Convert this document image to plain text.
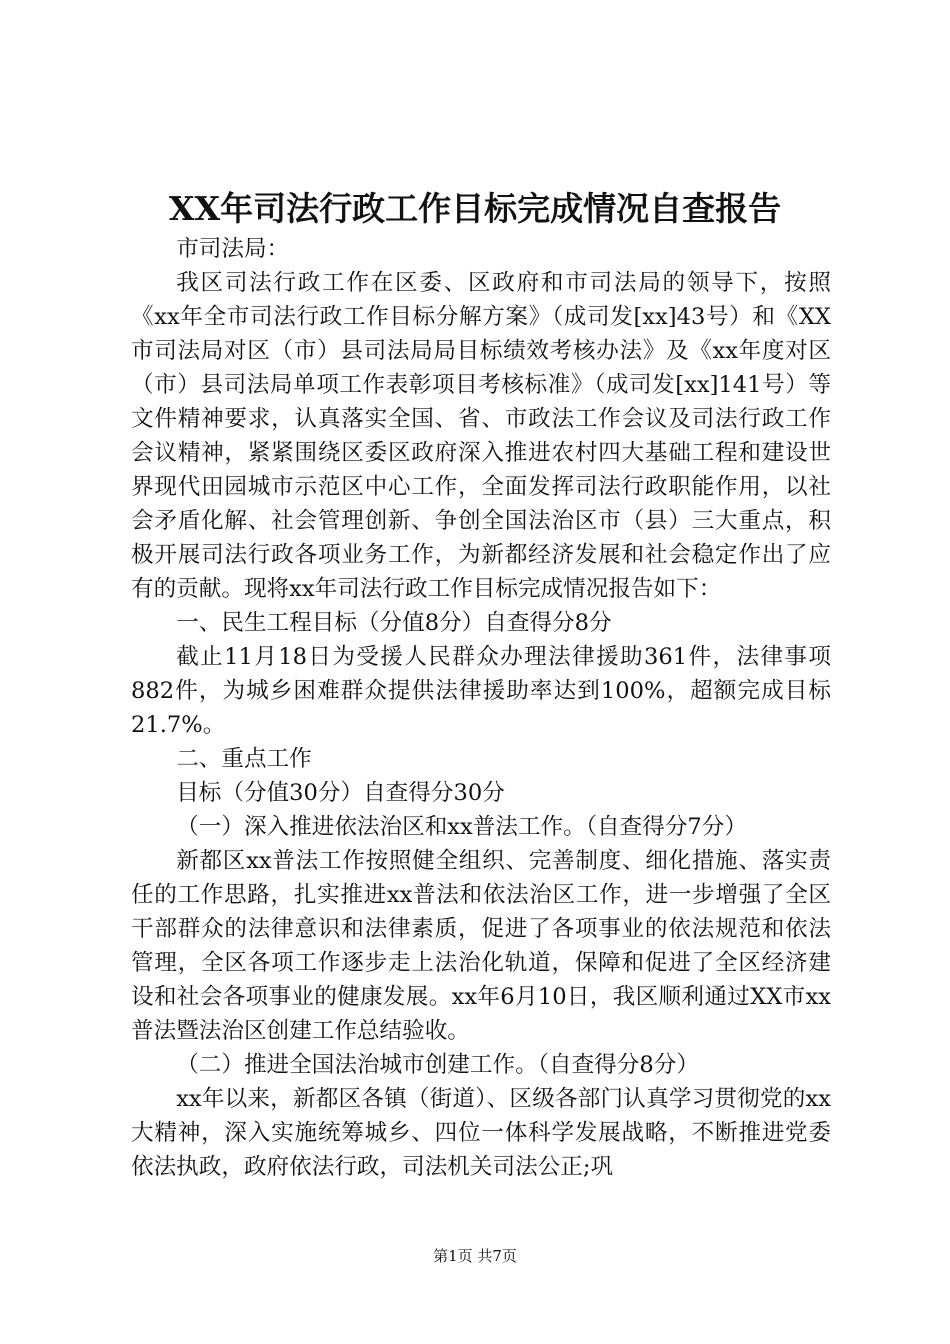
XX年司法行政工作目标完成情况自查报告

市司法局：

我区司法行政工作在区委、区政府和市司法局的领导下，按照《xx年全市司法行政工作目标分解方案》（成司发[xx]43号）和《XX市司法局对区（市）县司法局局目标绩效考核办法》及《xx年度对区（市）县司法局单项工作表彰项目考核标准》（成司发[xx]141号）等文件精神要求，认真落实全国、省、市政法工作会议及司法行政工作会议精神，紧紧围绕区委区政府深入推进农村四大基础工程和建设世界现代田园城市示范区中心工作，全面发挥司法行政职能作用，以社会矛盾化解、社会管理创新、争创全国法治区市（县）三大重点，积极开展司法行政各项业务工作，为新都经济发展和社会稳定作出了应有的贡献。现将xx年司法行政工作目标完成情况报告如下：

一、民生工程目标（分值8分）自查得分8分

截止11月18日为受援人民群众办理法律援助361件，法律事项882件，为城乡困难群众提供法律援助率达到100%，超额完成目标21.7%。

二、重点工作

目标（分值30分）自查得分30分

（一）深入推进依法治区和xx普法工作。（自查得分7分）

新都区xx普法工作按照健全组织、完善制度、细化措施、落实责任的工作思路，扎实推进xx普法和依法治区工作，进一步增强了全区干部群众的法律意识和法律素质，促进了各项事业的依法规范和依法管理，全区各项工作逐步走上法治化轨道，保障和促进了全区经济建设和社会各项事业的健康发展。xx年6月10日，我区顺利通过XX市xx普法暨法治区创建工作总结验收。

（二）推进全国法治城市创建工作。（自查得分8分）

xx年以来，新都区各镇（街道）、区级各部门认真学习贯彻党的xx大精神，深入实施统筹城乡、四位一体科学发展战略，不断推进党委依法执政，政府依法行政，司法机关司法公正;巩

第1页 共7页
